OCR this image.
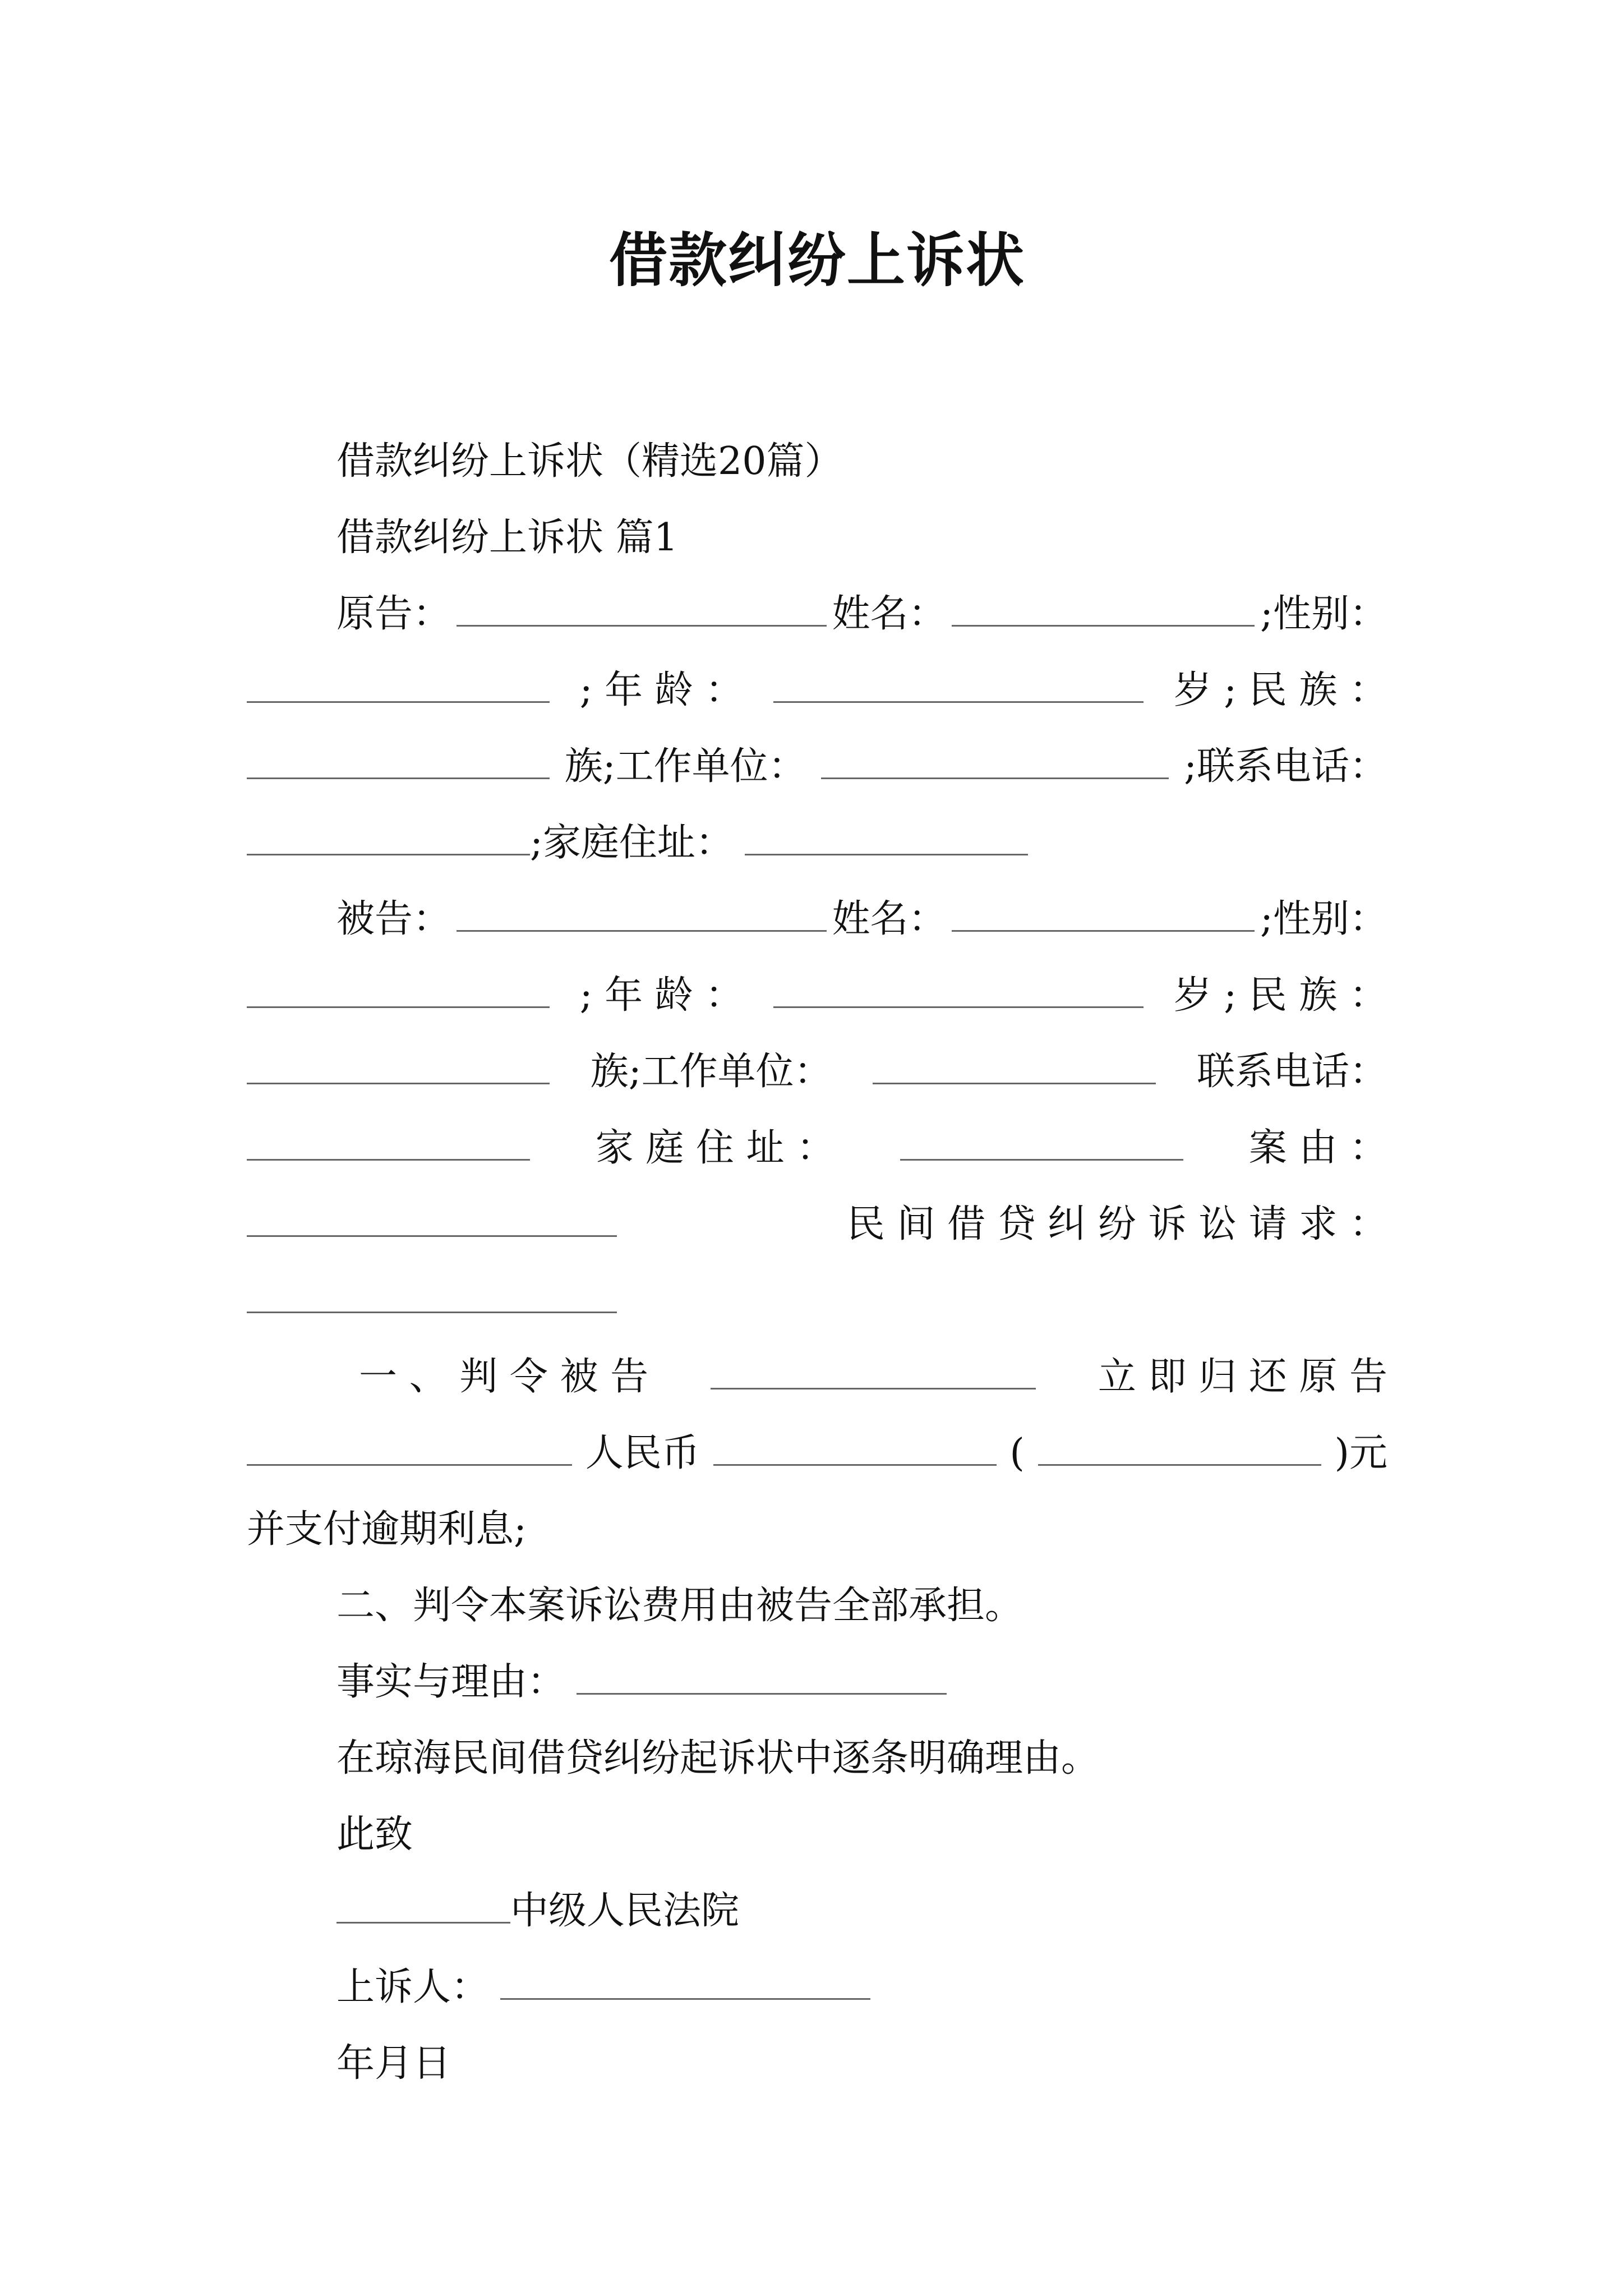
借款纠纷上诉状
借款纠纷上诉状（精选20篇）
借款纠纷上诉状 篇1
原告：	姓名：	;性别：
; 年 龄 ：	岁 ; 民 族 ：
族;工作单位：	;联系电话：
;家庭住址：
被告：	姓名：	;性别：
; 年 龄 ：	岁 ; 民 族 ：
族;工作单位：	联系电话：
家 庭 住 址 ：	案 由 ：
民 间 借 贷 纠 纷 诉 讼 请 求 ：
一 、 判 令 被 告	立 即 归 还 原 告
人民币	(	)元
并支付逾期利息;
二、判令本案诉讼费用由被告全部承担。
事实与理由：
在琼海民间借贷纠纷起诉状中逐条明确理由。
此致
中级人民法院
上诉人：
年月日
